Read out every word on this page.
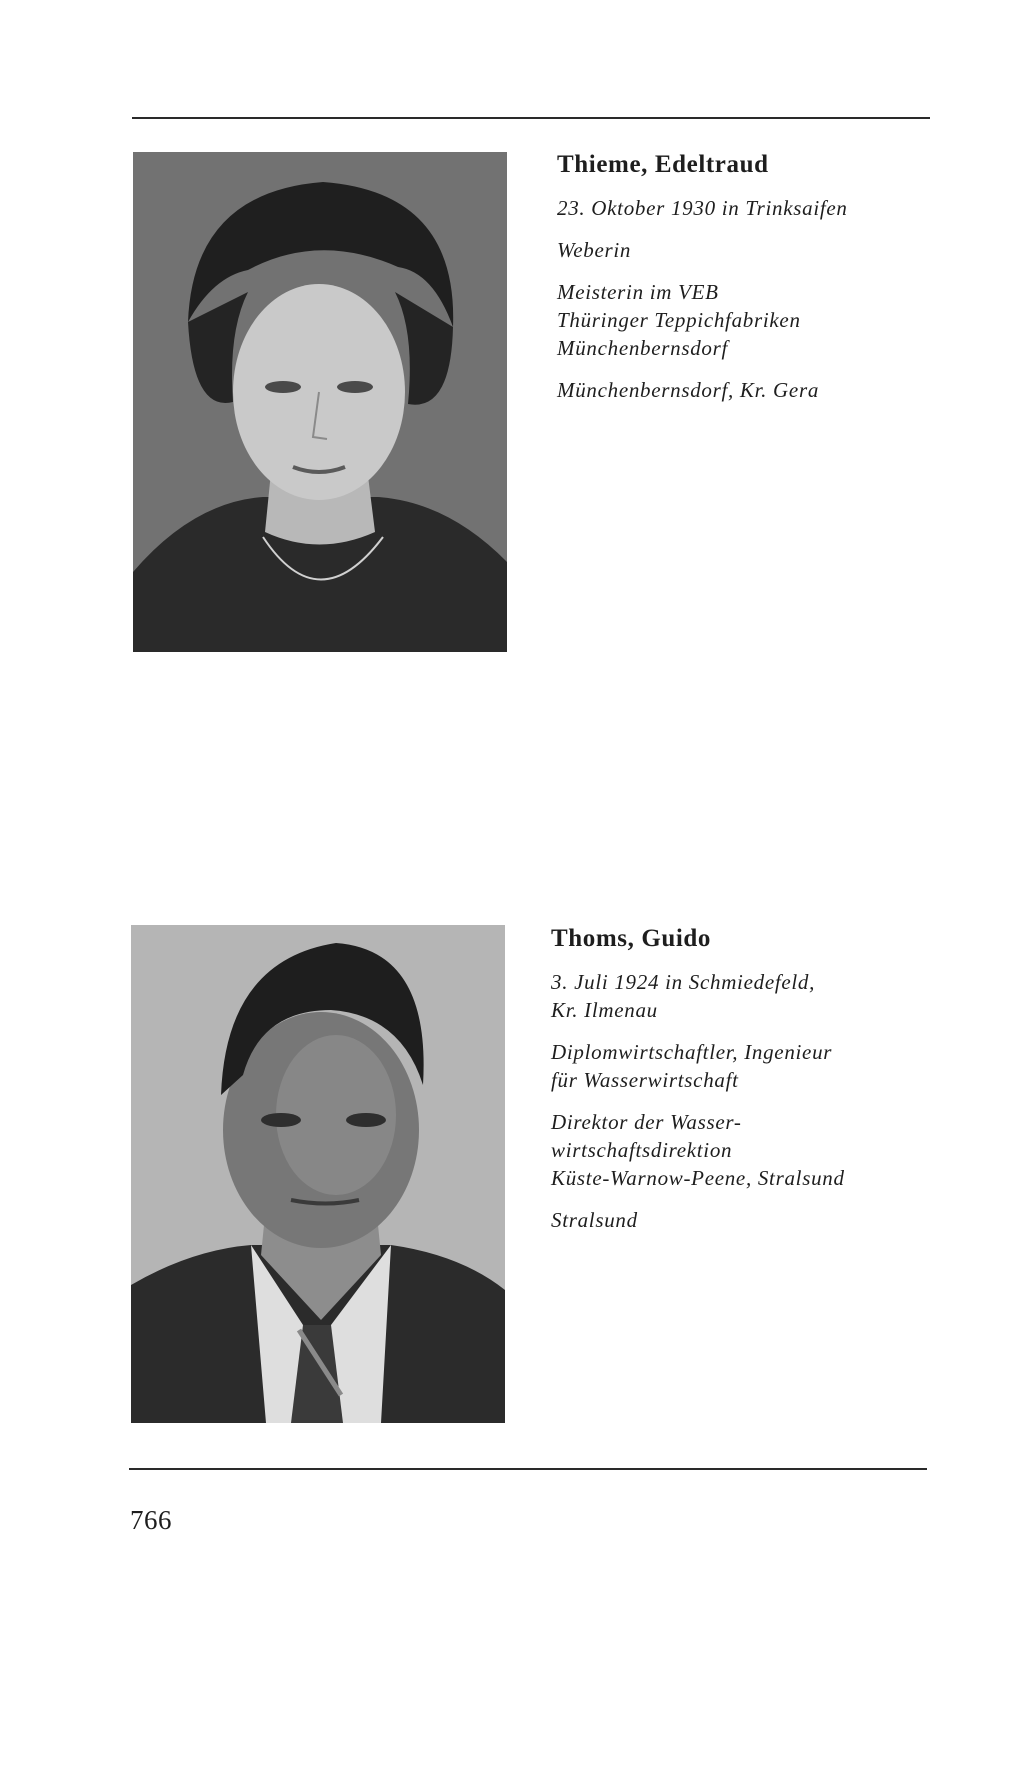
Thieme, Edeltraud

23. Oktober 1930 in Trinksaifen

Weberin

Meisterin im VEB
Thüringer Teppichfabriken
Münchenbernsdorf

Münchenbernsdorf, Kr. Gera

Thoms, Guido

3. Juli 1924 in Schmiedefeld,
Kr. Ilmenau

Diplomwirtschaftler, Ingenieur
für Wasserwirtschaft

Direktor der Wasser-
wirtschaftsdirektion
Küste-Warnow-Peene, Stralsund

Stralsund

766
